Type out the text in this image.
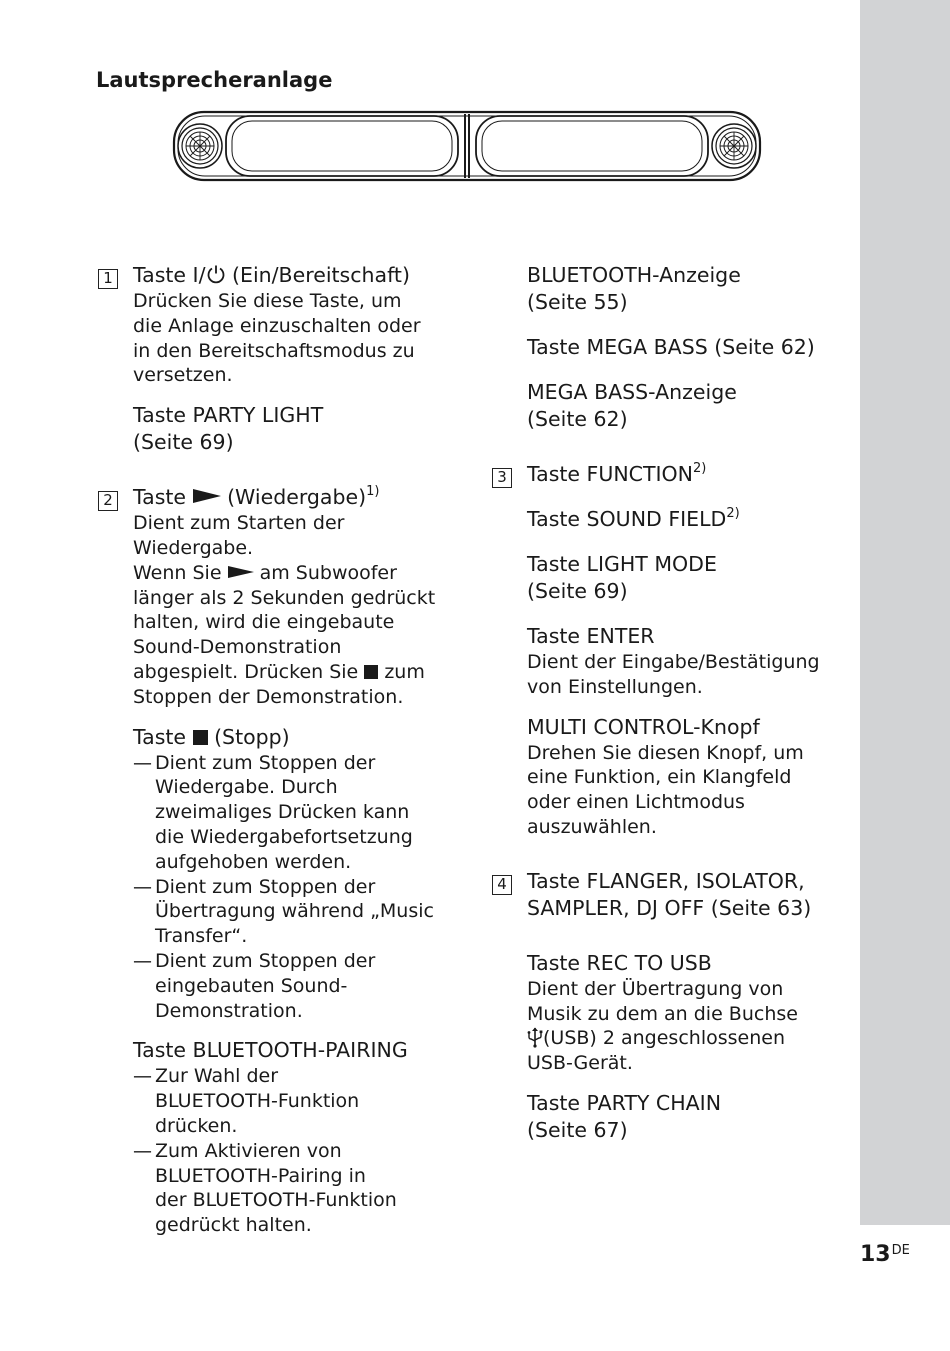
Lautsprecheranlage
1 Taste I/ (Ein/Bereitschaft)

Drücken Sie diese Taste, um

die Anlage einzuschalten oder

in den Bereitschaftsmodus zu

versetzen.

Taste PARTY LIGHT

(Seite 69)

2 Taste  (Wiedergabe)$^{1)}$

Dient zum Starten der

Wiedergabe.

Wenn Sie  am Subwoofer

länger als 2 Sekunden gedrückt

halten, wird die eingebaute

Sound-Demonstration

abgespielt. Drücken Sie  zum

Stoppen der Demonstration.

Taste  (Stopp)

— Dient zum Stoppen der
Wiedergabe. Durch
zweimaliges Drücken kann
die Wiedergabefortsetzung
aufgehoben werden.
— Dient zum Stoppen der
Übertragung während „Music
Transfer“.
— Dient zum Stoppen der
eingebauten Sound-
Demonstration.

Taste BLUETOOTH-PAIRING

— Zur Wahl der
BLUETOOTH-Funktion
drücken.
— Zum Aktivieren von
BLUETOOTH-Pairing in
der BLUETOOTH-Funktion
gedrückt halten.

BLUETOOTH-Anzeige

(Seite 55)

Taste MEGA BASS (Seite 62)

MEGA BASS-Anzeige

(Seite 62)

3 Taste FUNCTION$^{2)}$

Taste SOUND FIELD$^{2)}$

Taste LIGHT MODE

(Seite 69)

Taste ENTER

Dient der Eingabe/Bestätigung

von Einstellungen.

MULTI CONTROL-Knopf

Drehen Sie diesen Knopf, um

eine Funktion, ein Klangfeld

oder einen Lichtmodus

auszuwählen.

4 Taste FLANGER, ISOLATOR,

SAMPLER, DJ OFF (Seite 63)

Taste REC TO USB

Dient der Übertragung von

Musik zu dem an die Buchse

(USB) 2 angeschlossenen

USB-Gerät.

Taste PARTY CHAIN

(Seite 67)

13DE
